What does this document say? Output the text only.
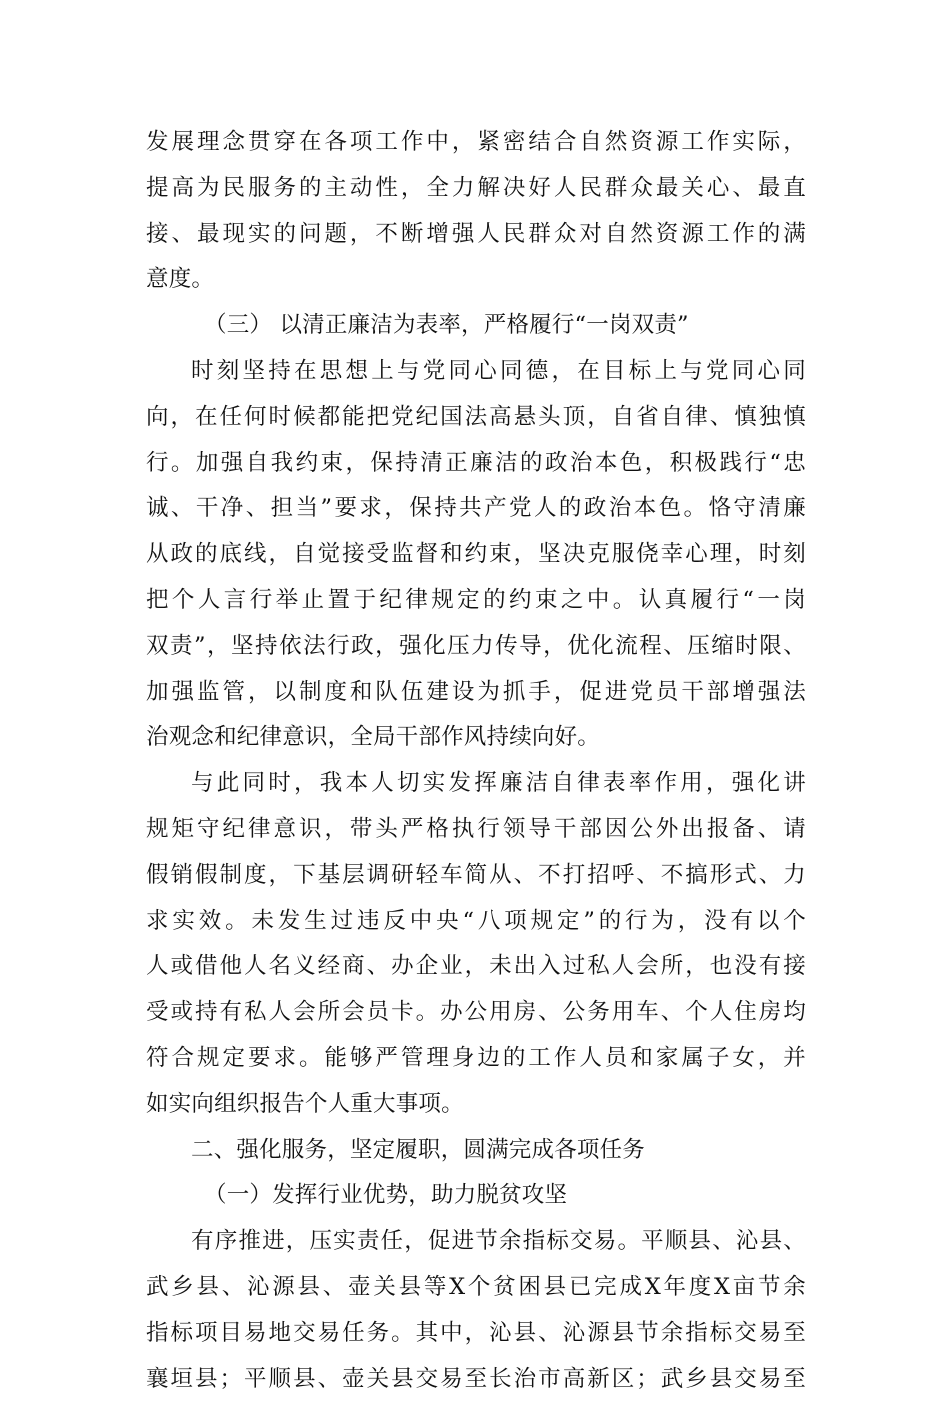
发展理念贯穿在各项工作中，紧密结合自然资源工作实际，
提高为民服务的主动性，全力解决好人民群众最关心、最直
接、最现实的问题，不断增强人民群众对自然资源工作的满
意度。
（三） 以清正廉洁为表率，严格履行“一岗双责”
时刻坚持在思想上与党同心同德，在目标上与党同心同
向，在任何时候都能把党纪国法高悬头顶，自省自律、慎独慎
行。加强自我约束，保持清正廉洁的政治本色，积极践行“忠
诚、干净、担当”要求，保持共产党人的政治本色。恪守清廉
从政的底线，自觉接受监督和约束，坚决克服侥幸心理，时刻
把个人言行举止置于纪律规定的约束之中。认真履行“一岗
双责”，坚持依法行政，强化压力传导，优化流程、压缩时限、
加强监管，以制度和队伍建设为抓手，促进党员干部增强法
治观念和纪律意识，全局干部作风持续向好。
与此同时，我本人切实发挥廉洁自律表率作用，强化讲
规矩守纪律意识，带头严格执行领导干部因公外出报备、请
假销假制度，下基层调研轻车简从、不打招呼、不搞形式、力
求实效。未发生过违反中央“八项规定”的行为，没有以个
人或借他人名义经商、办企业，未出入过私人会所，也没有接
受或持有私人会所会员卡。办公用房、公务用车、个人住房均
符合规定要求。能够严管理身边的工作人员和家属子女，并
如实向组织报告个人重大事项。
二、强化服务，坚定履职，圆满完成各项任务
（一）发挥行业优势，助力脱贫攻坚
有序推进，压实责任，促进节余指标交易。平顺县、沁县、
武乡县、沁源县、壶关县等X个贫困县已完成X年度X亩节余
指标项目易地交易任务。其中，沁县、沁源县节余指标交易至
襄垣县；平顺县、壶关县交易至长治市高新区；武乡县交易至
